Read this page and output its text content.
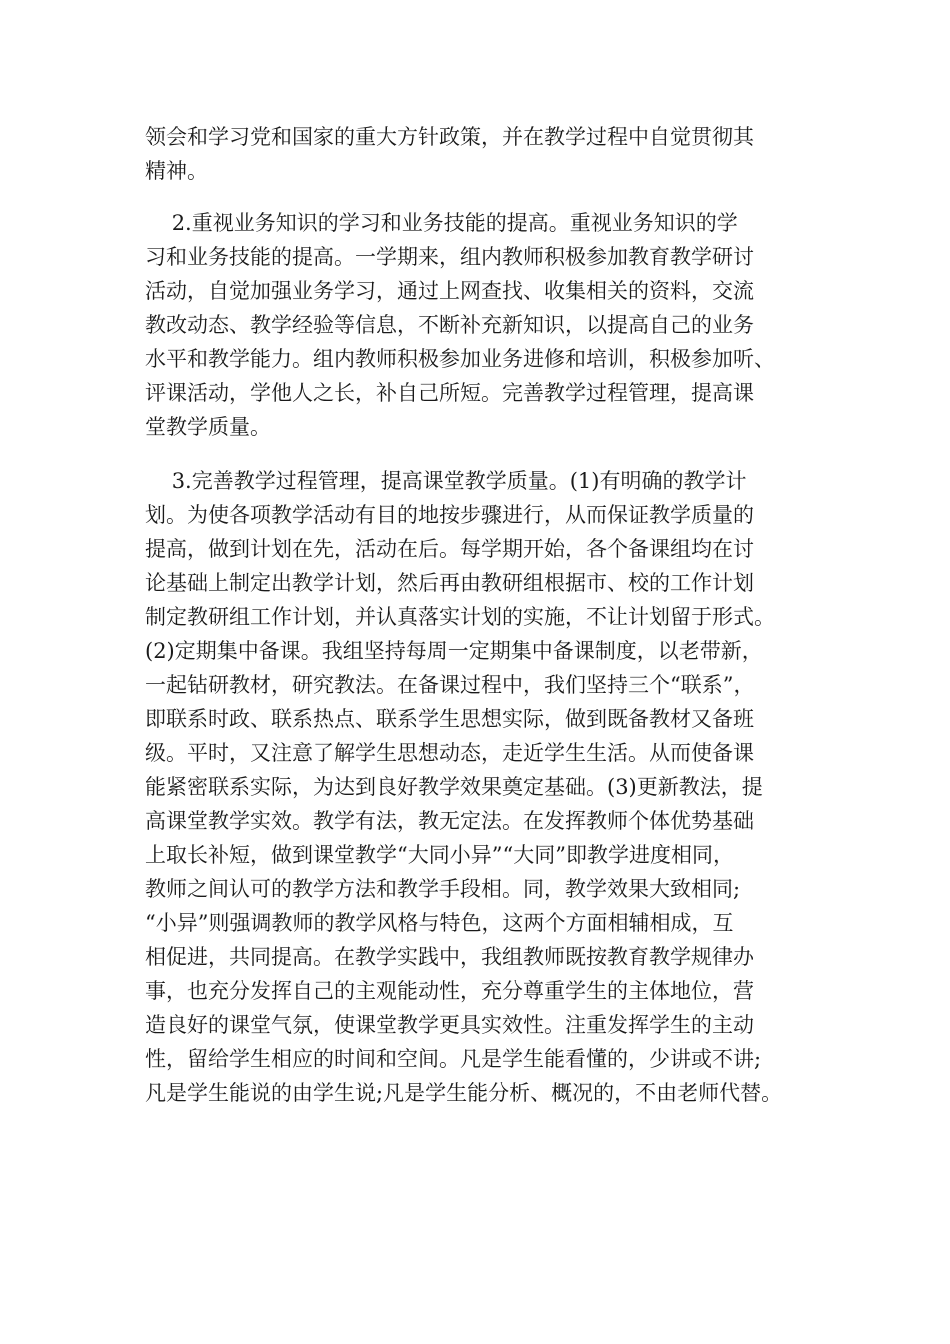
领会和学习党和国家的重大方针政策，并在教学过程中自觉贯彻其
精神。
2.重视业务知识的学习和业务技能的提高。重视业务知识的学
习和业务技能的提高。一学期来，组内教师积极参加教育教学研讨
活动，自觉加强业务学习，通过上网查找、收集相关的资料，交流
教改动态、教学经验等信息，不断补充新知识，以提高自己的业务
水平和教学能力。组内教师积极参加业务进修和培训，积极参加听、
评课活动，学他人之长，补自己所短。完善教学过程管理，提高课
堂教学质量。
3.完善教学过程管理，提高课堂教学质量。(1)有明确的教学计
划。为使各项教学活动有目的地按步骤进行，从而保证教学质量的
提高，做到计划在先，活动在后。每学期开始，各个备课组均在讨
论基础上制定出教学计划，然后再由教研组根据市、校的工作计划
制定教研组工作计划，并认真落实计划的实施，不让计划留于形式。
(2)定期集中备课。我组坚持每周一定期集中备课制度，以老带新，
一起钻研教材，研究教法。在备课过程中，我们坚持三个“联系”，
即联系时政、联系热点、联系学生思想实际，做到既备教材又备班
级。平时，又注意了解学生思想动态，走近学生生活。从而使备课
能紧密联系实际，为达到良好教学效果奠定基础。(3)更新教法，提
高课堂教学实效。教学有法，教无定法。在发挥教师个体优势基础
上取长补短，做到课堂教学“大同小异”“大同”即教学进度相同，
教师之间认可的教学方法和教学手段相。同，教学效果大致相同;
“小异”则强调教师的教学风格与特色，这两个方面相辅相成，互
相促进，共同提高。在教学实践中，我组教师既按教育教学规律办
事，也充分发挥自己的主观能动性，充分尊重学生的主体地位，营
造良好的课堂气氛，使课堂教学更具实效性。注重发挥学生的主动
性，留给学生相应的时间和空间。凡是学生能看懂的，少讲或不讲;
凡是学生能说的由学生说;凡是学生能分析、概况的，不由老师代替。
